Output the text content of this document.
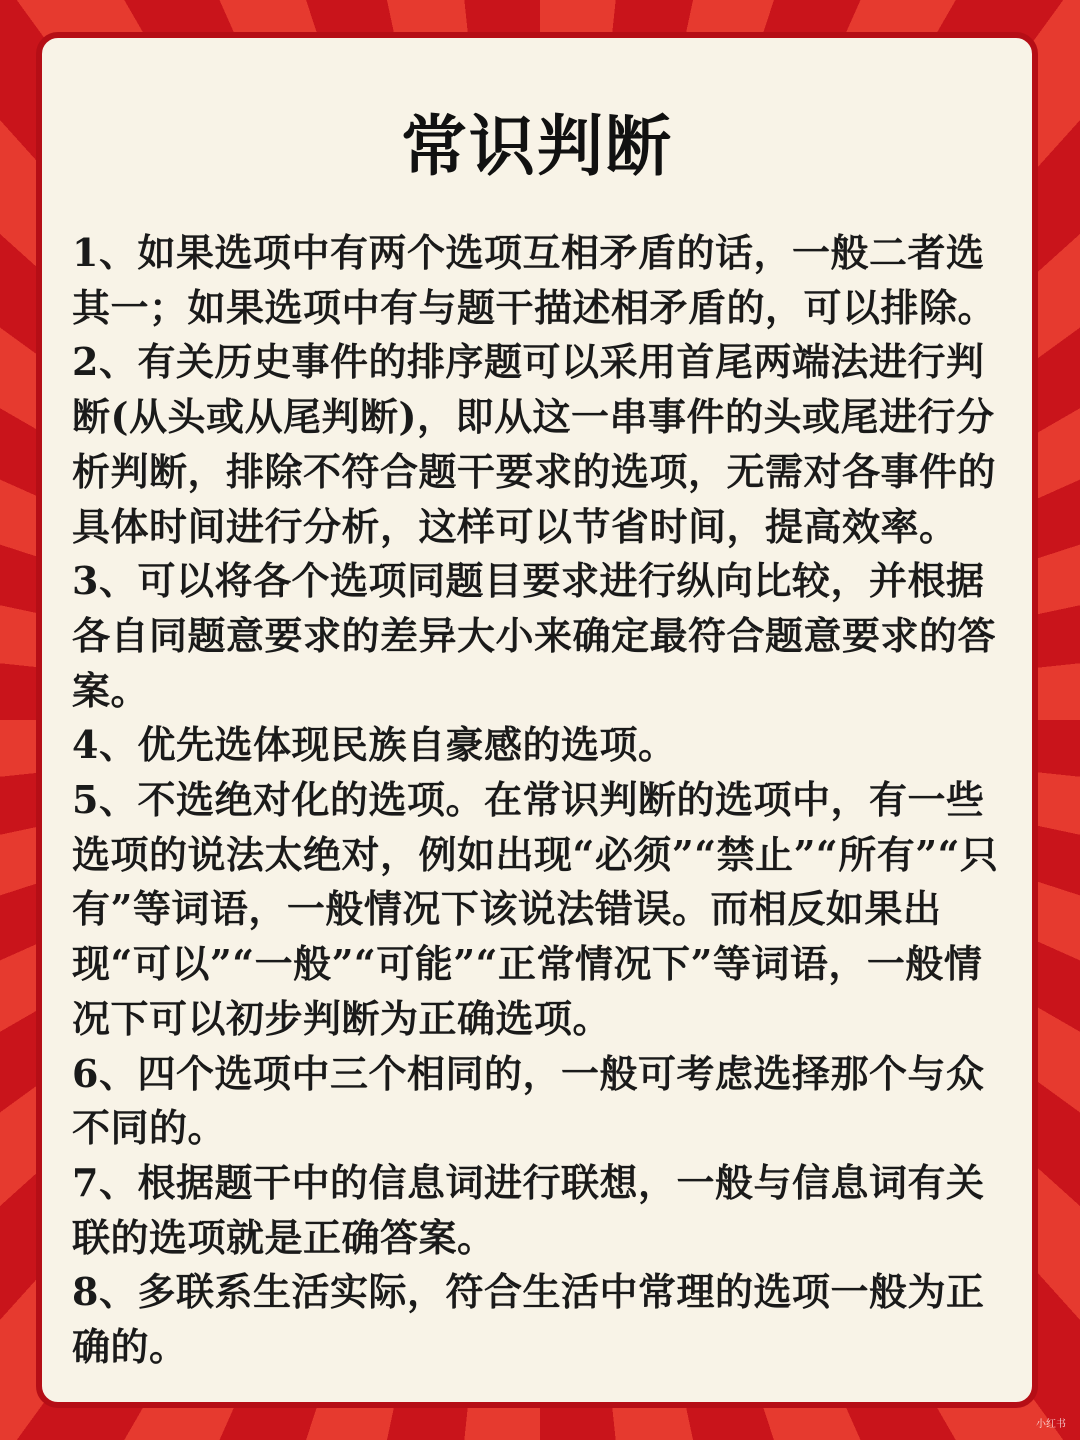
常识判断

1、如果选项中有两个选项互相矛盾的话，一般二者选其一；如果选项中有与题干描述相矛盾的，可以排除。

2、有关历史事件的排序题可以采用首尾两端法进行判断(从头或从尾判断)，即从这一串事件的头或尾进行分析判断，排除不符合题干要求的选项，无需对各事件的具体时间进行分析，这样可以节省时间，提高效率。

3、可以将各个选项同题目要求进行纵向比较，并根据各自同题意要求的差异大小来确定最符合题意要求的答案。

4、优先选体现民族自豪感的选项。

5、不选绝对化的选项。在常识判断的选项中，有一些选项的说法太绝对，例如出现“必须”“禁止”“所有”“只有”等词语，一般情况下该说法错误。而相反如果出现“可以”“一般”“可能”“正常情况下”等词语，一般情况下可以初步判断为正确选项。

6、四个选项中三个相同的，一般可考虑选择那个与众不同的。

7、根据题干中的信息词进行联想，一般与信息词有关联的选项就是正确答案。

8、多联系生活实际，符合生活中常理的选项一般为正确的。

小红书
